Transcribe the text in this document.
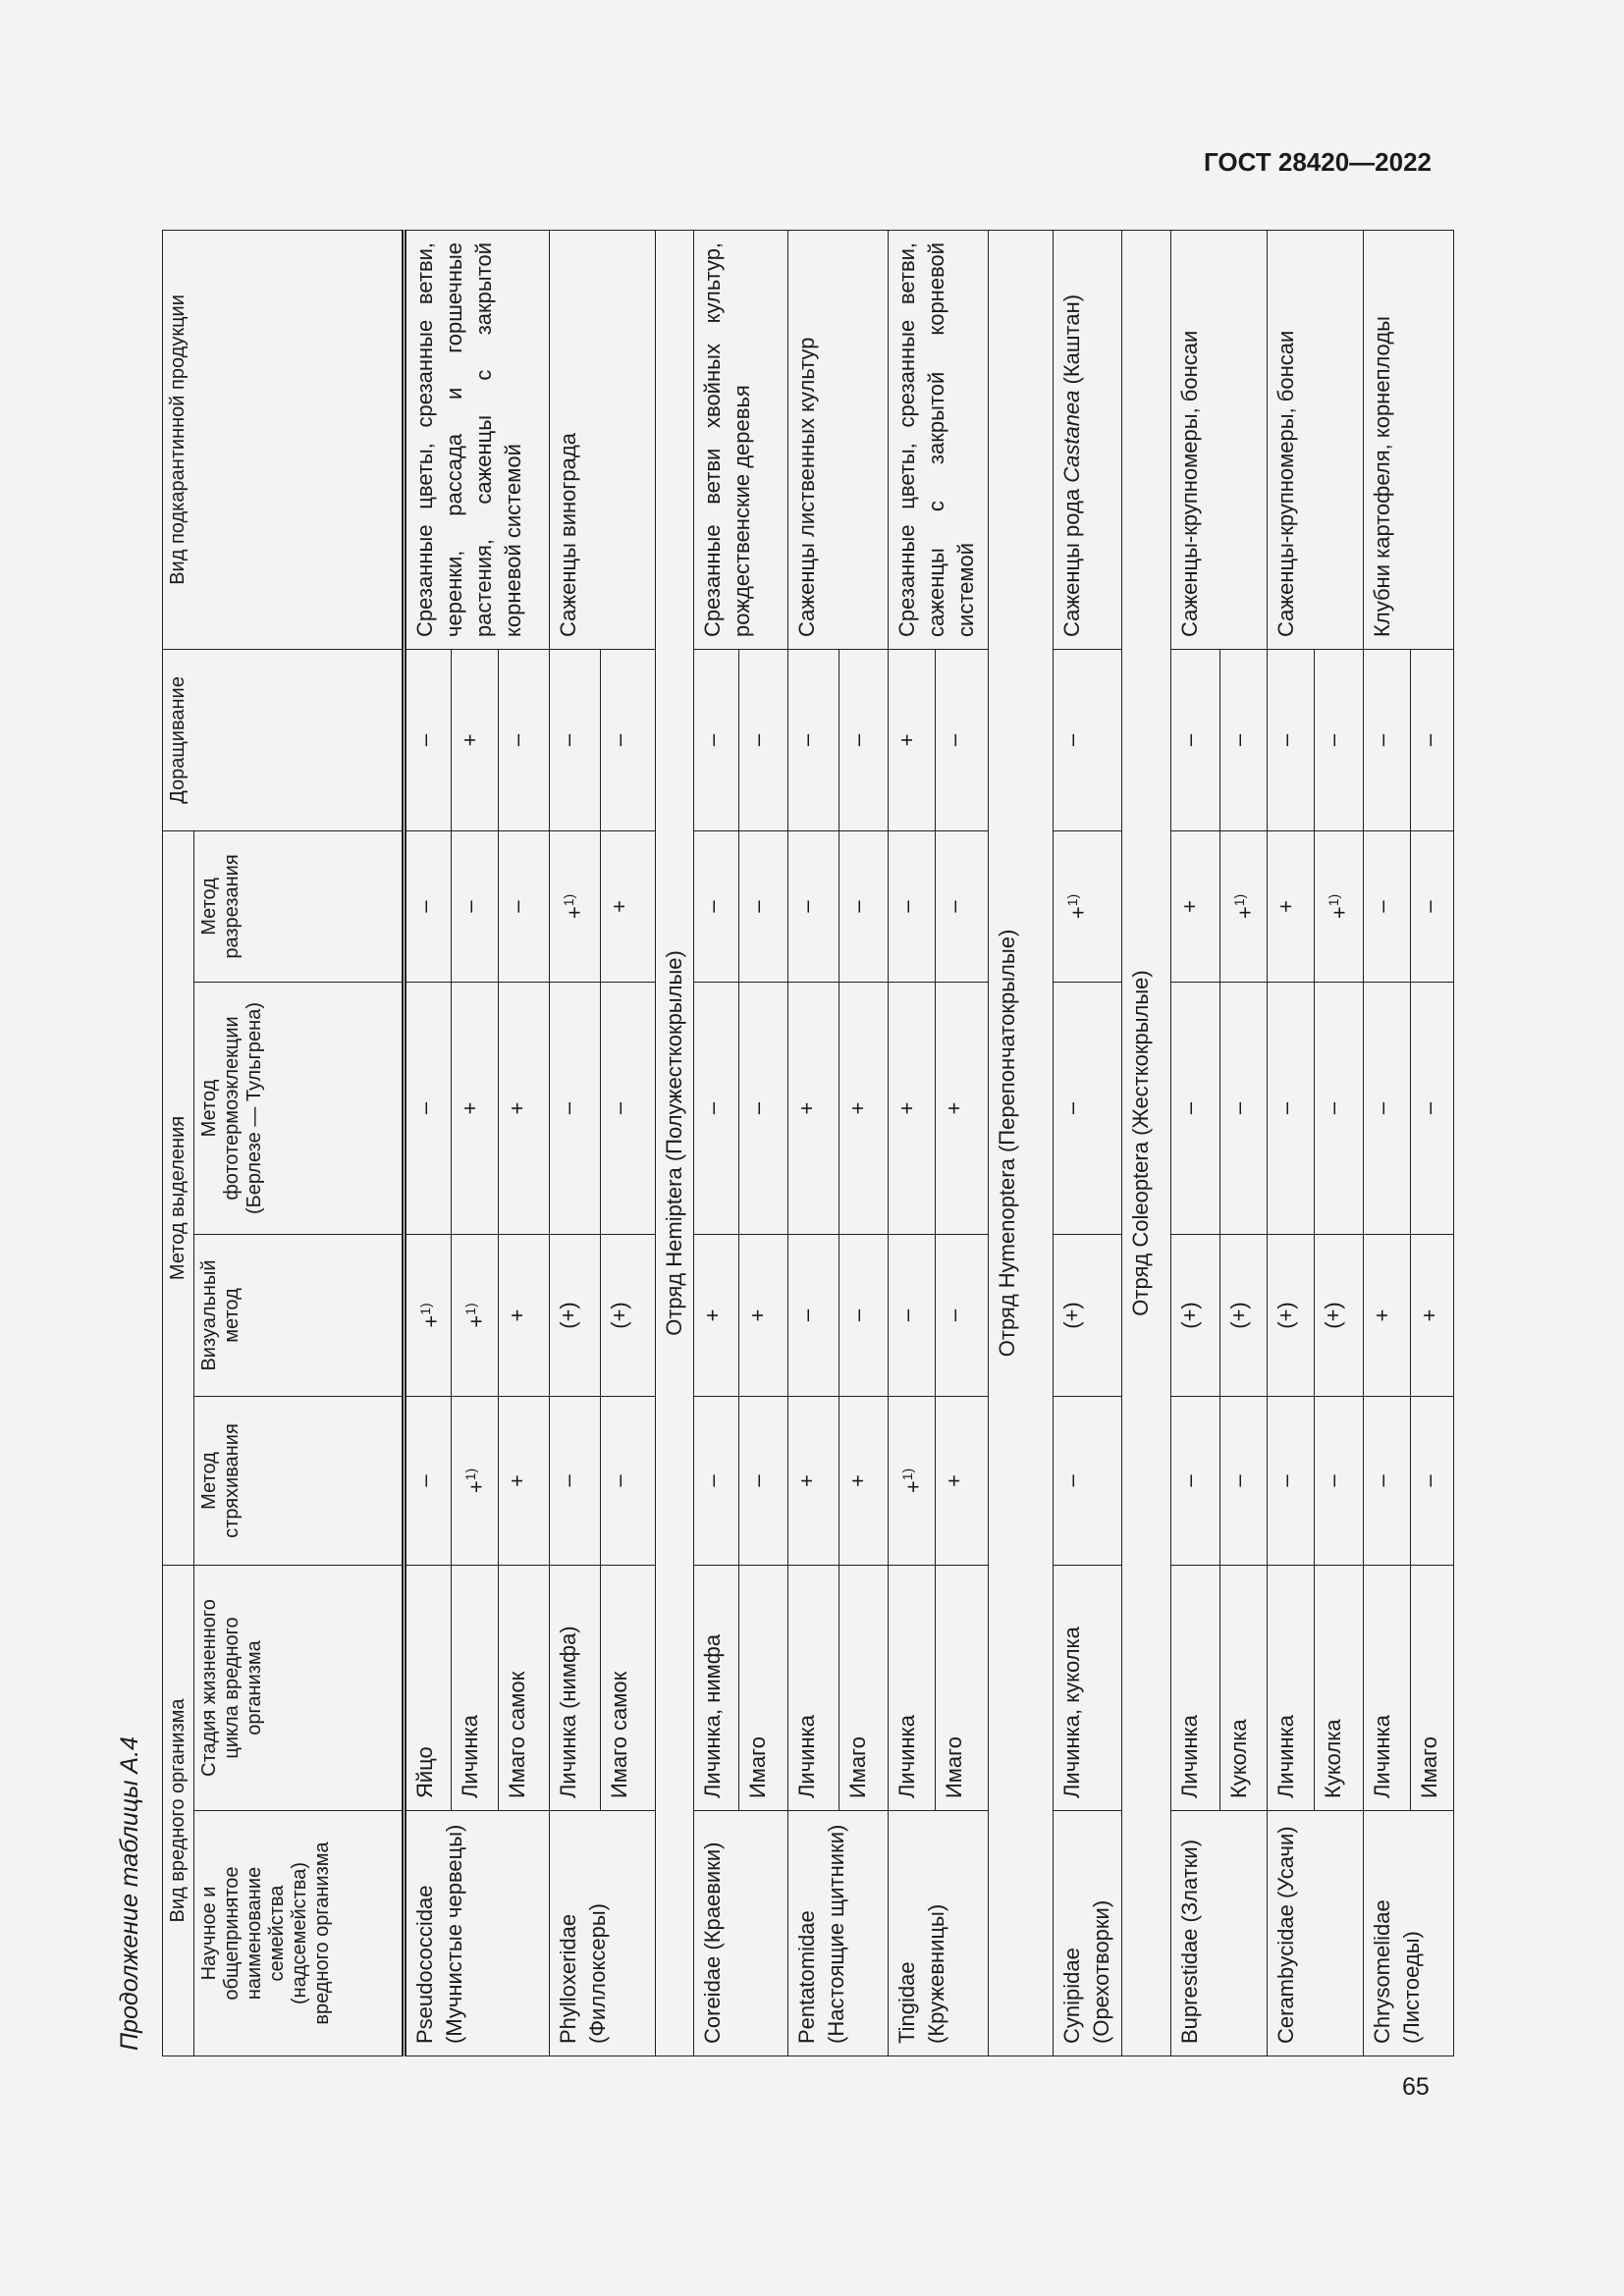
ГОСТ 28420—2022
Продолжение таблицы А.4	Вид вредного организма		Метод выделения				Доращивание	Вид подкарантинной продукции
Научное и общепринятое наименование семейства (надсемейства) вредного организма	Стадия жизненного цикла вредного организма	Метод стряхивания	Визуальный метод	Метод фототермоэклекции (Берлезе — Тульгрена)	Метод разрезания		
Pseudococcidae (Мучнистые червецы)	Яйцо	–	+$^{1)}$	–	–	–	Срезанные цветы, срезанные ветви, черенки, рассада и горшечные растения, саженцы с закрытой корневой системой
	Личинка	+$^{1)}$	+$^{1)}$	+	–	+	
	Имаго самок	+	+	+	–	–	
Phylloxeridae (Филлоксеры)	Личинка (нимфа)	–	(+)	–	+$^{1)}$	–	Саженцы винограда
	Имаго самок	–	(+)	–	+	–	
Отряд Hemiptera (Полужесткокрылые)							
Coreidae (Краевики)	Личинка, нимфа	–	+	–	–	–	Срезанные ветви хвойных культур, рождественские деревья
	Имаго	–	+	–	–	–	
Pentatomidae (Настоящие щитники)	Личинка	+	–	+	–	–	Саженцы лиственных культур
	Имаго	+	–	+	–	–	
Tingidae (Кружевницы)	Личинка	+$^{1)}$	–	+	–	+	Срезанные цветы, срезанные ветви, саженцы с закрытой корневой системой
	Имаго	+	–	+	–	–	
Отряд Hymenoptera (Перепончатокрылые)							
Cynipidae (Орехотворки)	Личинка, куколка	–	(+)	–	+$^{1)}$	–	Саженцы рода Castanea (Каштан)
Отряд Coleoptera (Жесткокрылые)							
Buprestidae (Златки)	Личинка	–	(+)	–	+	–	Саженцы-крупномеры, бонсаи
	Куколка	–	(+)	–	+$^{1)}$	–	
Cerambycidae (Усачи)	Личинка	–	(+)	–	+	–	Саженцы-крупномеры, бонсаи
	Куколка	–	(+)	–	+$^{1)}$	–	
Chrysomelidae (Листоеды)	Личинка	–	+	–	–	–	Клубни картофеля, корнеплоды
	Имаго	–	+	–	–	–	
65
